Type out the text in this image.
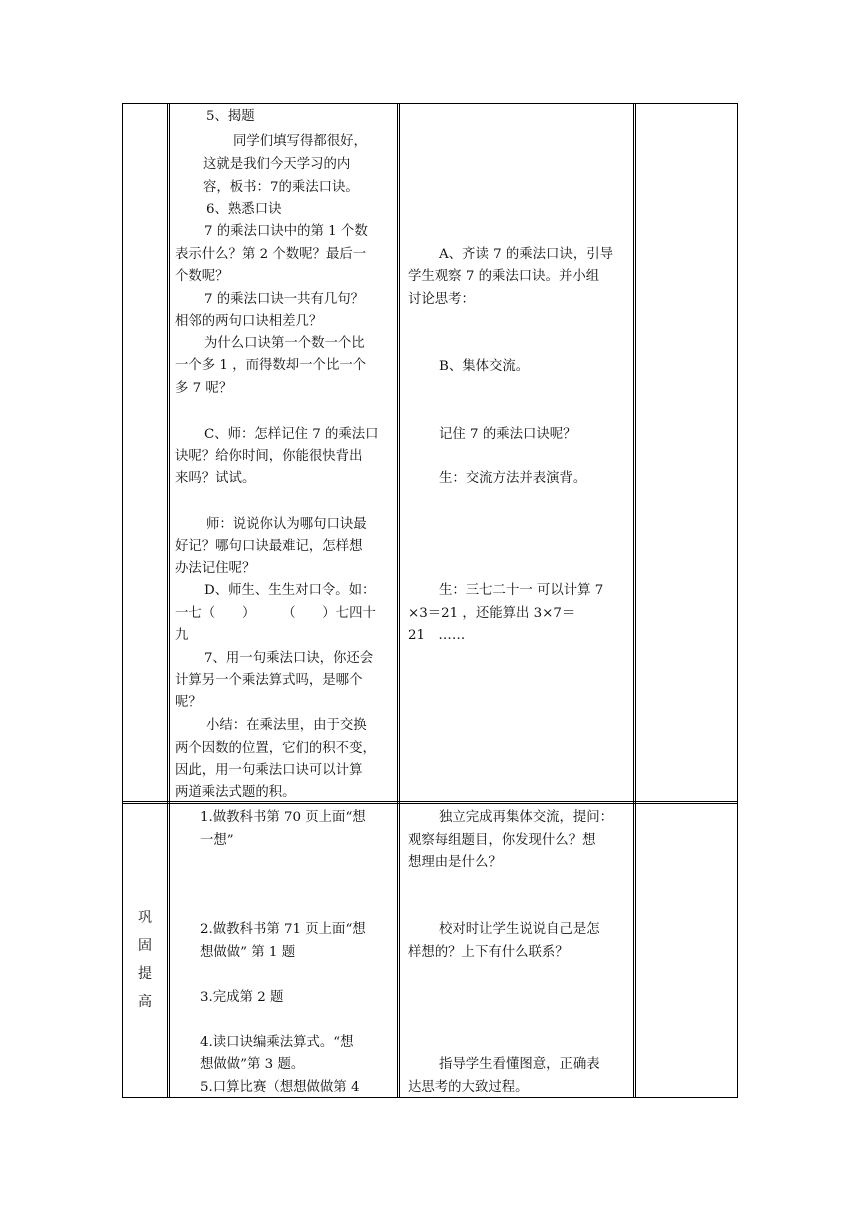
5、揭题
同学们填写得都很好，
这就是我们今天学习的内
容，板书：7的乘法口诀。
6、熟悉口诀
7 的乘法口诀中的第 1 个数
表示什么？第 2 个数呢？最后一
个数呢？
7 的乘法口诀一共有几句？
相邻的两句口诀相差几？
为什么口诀第一个数一个比
一个多 1 ，而得数却一个比一个
多 7 呢？
C、师：怎样记住 7 的乘法口
诀呢？给你时间，你能很快背出
来吗？试试。
师：说说你认为哪句口诀最
好记？哪句口诀最难记，怎样想
办法记住呢？
D、师生、生生对口令。如：
一七（　　）　　　（　　）七四十
九
7、用一句乘法口诀，你还会
计算另一个乘法算式吗，是哪个
呢？
小结：在乘法里，由于交换
两个因数的位置，它们的积不变，
因此，用一句乘法口诀可以计算
两道乘法式题的积。
A、齐读 7 的乘法口诀，引导
学生观察 7 的乘法口诀。并小组
讨论思考：
B、集体交流。
记住 7 的乘法口诀呢？
生：交流方法并表演背。
生：三七二十一 可以计算 7
×3＝21 ，还能算出 3×7＝
21　……
巩
固
提
高
1.做教科书第 70 页上面“想
一想”
2.做教科书第 71 页上面“想
想做做” 第 1 题
3.完成第 2 题
4.读口诀编乘法算式。“想
想做做”第 3 题。
5.口算比赛（想想做做第 4
独立完成再集体交流，提问：
观察每组题目，你发现什么？想
想理由是什么？
校对时让学生说说自己是怎
样想的？上下有什么联系？
指导学生看懂图意，正确表
达思考的大致过程。
